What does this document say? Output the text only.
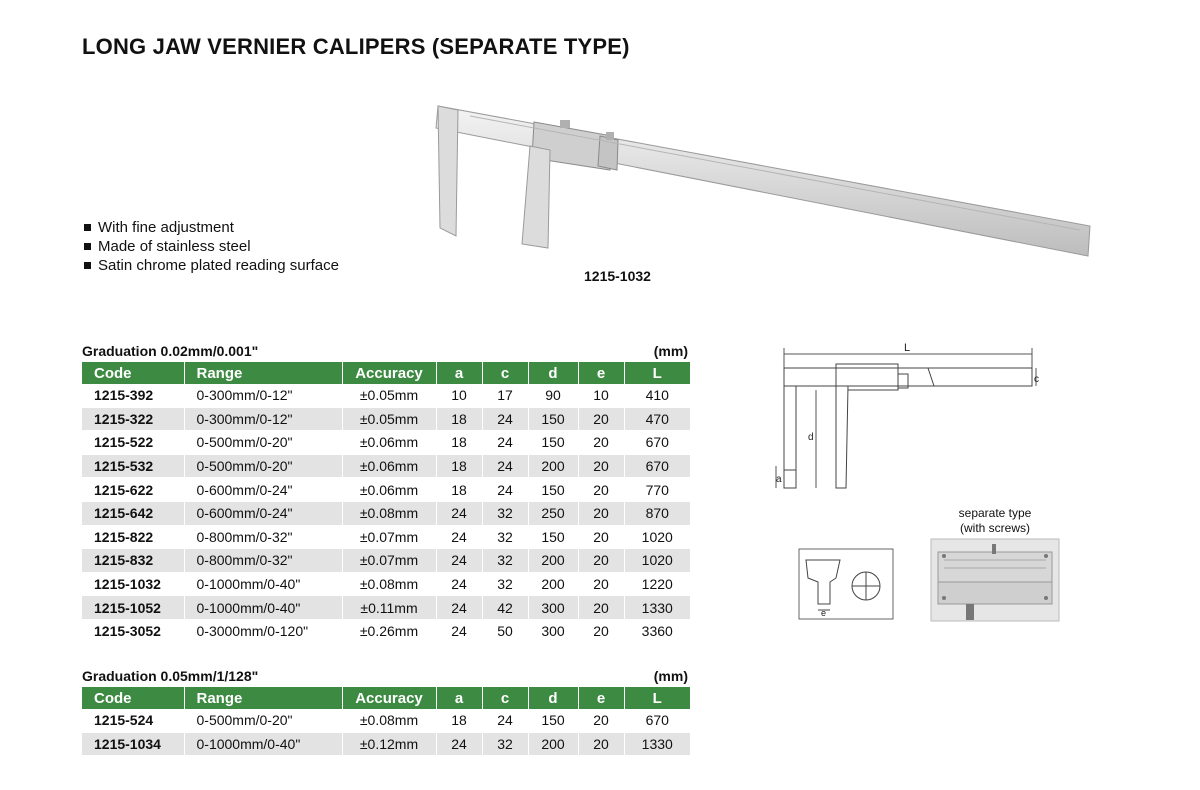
LONG JAW VERNIER CALIPERS (SEPARATE TYPE)
With fine adjustment
Made of stainless steel
Satin chrome plated reading surface
1215-1032
Graduation 0.02mm/0.001"	(mm)
Code	Range	Accuracy	a	c	d	e	L
1215-392	0-300mm/0-12"	±0.05mm	10	17	90	10	410
1215-322	0-300mm/0-12"	±0.05mm	18	24	150	20	470
1215-522	0-500mm/0-20"	±0.06mm	18	24	150	20	670
1215-532	0-500mm/0-20"	±0.06mm	18	24	200	20	670
1215-622	0-600mm/0-24"	±0.06mm	18	24	150	20	770
1215-642	0-600mm/0-24"	±0.08mm	24	32	250	20	870
1215-822	0-800mm/0-32"	±0.07mm	24	32	150	20	1020
1215-832	0-800mm/0-32"	±0.07mm	24	32	200	20	1020
1215-1032	0-1000mm/0-40"	±0.08mm	24	32	200	20	1220
1215-1052	0-1000mm/0-40"	±0.11mm	24	42	300	20	1330
1215-3052	0-3000mm/0-120"	±0.26mm	24	50	300	20	3360
Graduation 0.05mm/1/128"	(mm)
Code	Range	Accuracy	a	c	d	e	L
1215-524	0-500mm/0-20"	±0.08mm	18	24	150	20	670
1215-1034	0-1000mm/0-40"	±0.12mm	24	32	200	20	1330
L
c
d
a
separate type
(with screws)
e
